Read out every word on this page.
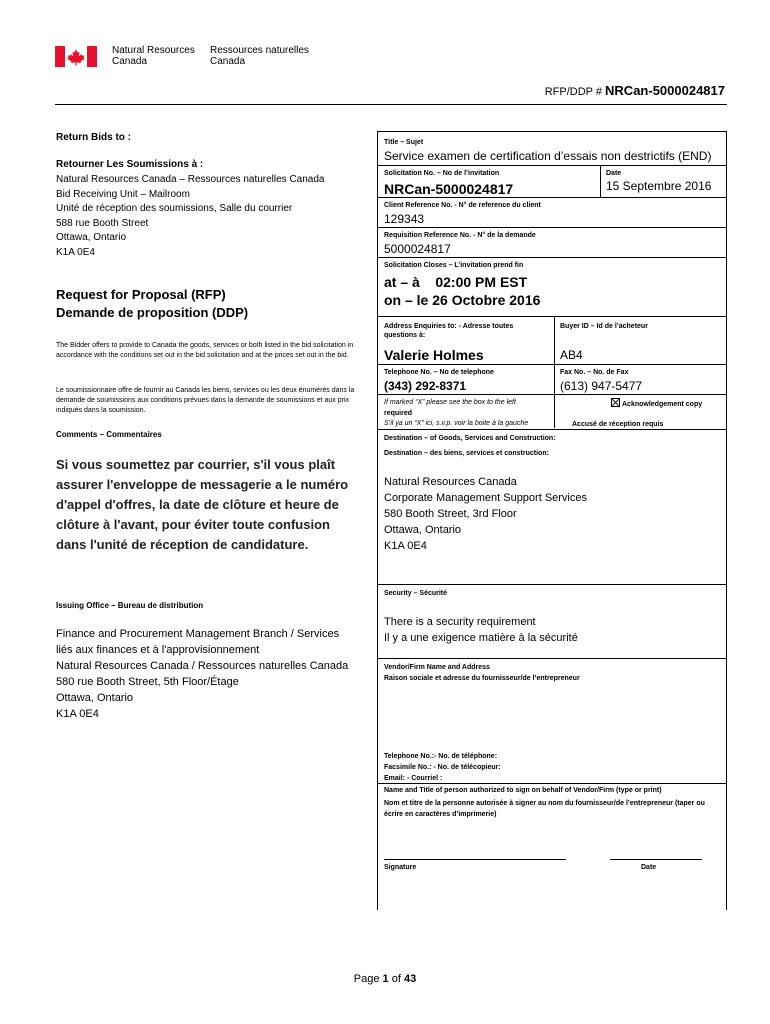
Natural Resources
Canada
Ressources naturelles
Canada
RFP/DDP # NRCan-5000024817
Return Bids to :
Retourner Les Soumissions à :
Natural Resources Canada – Ressources naturelles Canada
Bid Receiving Unit – Mailroom
Unité de réception des soumissions, Salle du courrier
588 rue Booth Street
Ottawa, Ontario
K1A 0E4
Request for Proposal (RFP)
Demande de proposition (DDP)
The Bidder offers to provide to Canada the goods, services or both listed in the bid solicitation in accordance with the conditions set out in the bid solicitation and at the prices set out in the bid.
Le soumissionnaire offre de fournir au Canada les biens, services ou les deux énumérés dans la demande de soumissions aux conditions prévues dans la demande de soumissions et aux prix indiqués dans la soumission.
Comments – Commentaires
Si vous soumettez par courrier, s'il vous plaît assurer l'enveloppe de messagerie a le numéro d'appel d'offres, la date de clôture et heure de clôture à l'avant, pour éviter toute confusion dans l'unité de réception de candidature.
Issuing Office – Bureau de distribution
Finance and Procurement Management Branch / Services
liés aux finances et à l'approvisionnement
Natural Resources Canada / Ressources naturelles Canada
580 rue Booth Street, 5th Floor/Étage
Ottawa, Ontario
K1A 0E4
Title – Sujet
Service examen de certification d’essais non destrictifs (END)
Solicitation No. – No de l’invitation
NRCan-5000024817
Date
15 Septembre 2016
Client Reference No. - N° de reference du client
129343
Requisition Reference No. - N° de la demande
5000024817
Solicitation Closes – L’invitation prend fin
at – à    02:00 PM EST
on – le 26 Octobre 2016
Address Enquiries to: - Adresse toutes questions à:
Buyer ID – Id de l’acheteur
Valerie Holmes	AB4
Telephone No. – No de telephone	Fax No. – No. de Fax
(343) 292-8371	(613) 947-5477
If marked “X” please see the box to the left
required
S’il ya un “X” ici, s.v.p. voir la boite à la gauche
Acknowledgement copy
Accusé de réception requis
Destination – of Goods, Services and Construction:
Destination – des biens, services et construction:
Natural Resources Canada
Corporate Management Support Services
580 Booth Street, 3rd Floor
Ottawa, Ontario
K1A 0E4
Security – Sécurité
There is a security requirement
Il y a une exigence matière à la sécurité
Vendor/Firm Name and Address
Raison sociale et adresse du fournisseur/de l’entrepreneur
Telephone No.:- No. de téléphone:
Facsimile No.: - No. de télécopieur:
Email: - Courriel :
Name and Title of person authorized to sign on behalf of Vendor/Firm (type or print)
Nom et titre de la personne autorisée à signer au nom du fournisseur/de l’entrepreneur (taper ou écrire en caractères d’imprimerie)
Signature	Date
Page 1 of 43
